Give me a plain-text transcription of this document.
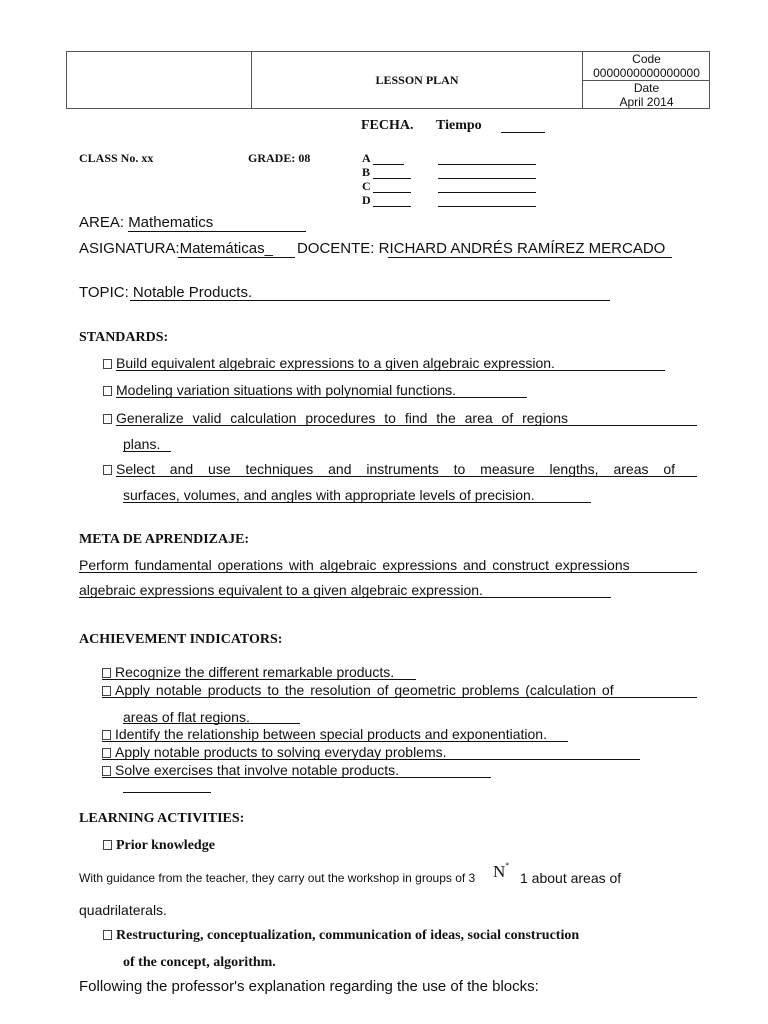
LESSON PLAN
Code
0000000000000000
Date
April 2014
FECHA. Tiempo
CLASS No. xx	GRADE: 08	A
B
C
D
AREA: Mathematics
ASIGNATURA:Matemáticas_ DOCENTE: RICHARD ANDRÉS RAMÍREZ MERCADO
TOPIC: Notable Products.
STANDARDS:
Build equivalent algebraic expressions to a given algebraic expression.
Modeling variation situations with polynomial functions.
Generalize valid calculation procedures to find the area of regions
plans.
Select and use techniques and instruments to measure lengths, areas of
surfaces, volumes, and angles with appropriate levels of precision.
META DE APRENDIZAJE:
Perform fundamental operations with algebraic expressions and construct expressions
algebraic expressions equivalent to a given algebraic expression.
ACHIEVEMENT INDICATORS:
Recognize the different remarkable products.
Apply notable products to the resolution of geometric problems (calculation of
areas of flat regions.
Identify the relationship between special products and exponentiation.
Apply notable products to solving everyday problems.
Solve exercises that involve notable products.
LEARNING ACTIVITIES:
Prior knowledge
With guidance from the teacher, they carry out the workshop in groups of 3 N*
1 about areas of
quadrilaterals.
Restructuring, conceptualization, communication of ideas, social construction
of the concept, algorithm.
Following the professor's explanation regarding the use of the blocks:
